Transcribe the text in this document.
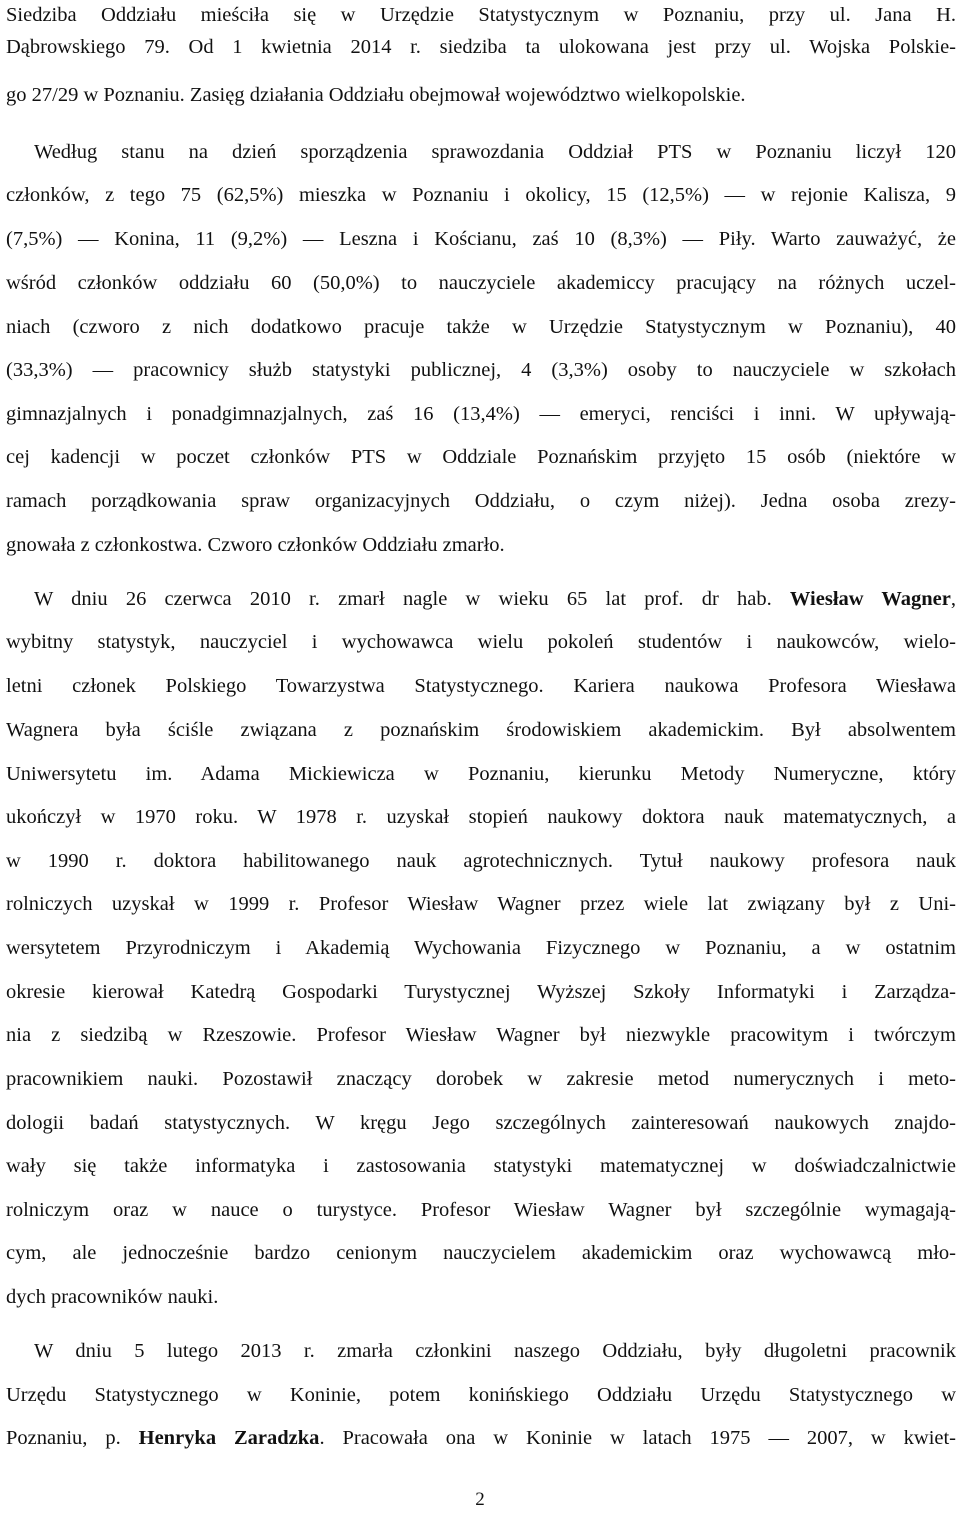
Siedziba Oddziału mieściła się w Urzędzie Statystycznym w Poznaniu, przy ul. Jana H.
Dąbrowskiego 79. Od 1 kwietnia 2014 r. siedziba ta ulokowana jest przy ul. Wojska Polskie-
go 27/29 w Poznaniu. Zasięg działania Oddziału obejmował województwo wielkopolskie.
Według stanu na dzień sporządzenia sprawozdania Oddział PTS w Poznaniu liczył 120
członków, z tego 75 (62,5%) mieszka w Poznaniu i okolicy, 15 (12,5%) — w rejonie Kalisza, 9
(7,5%) — Konina, 11 (9,2%) — Leszna i Kościanu, zaś 10 (8,3%) — Piły. Warto zauważyć, że
wśród członków oddziału 60 (50,0%) to nauczyciele akademiccy pracujący na różnych uczel-
niach (czworo z nich dodatkowo pracuje także w Urzędzie Statystycznym w Poznaniu), 40
(33,3%) — pracownicy służb statystyki publicznej, 4 (3,3%) osoby to nauczyciele w szkołach
gimnazjalnych i ponadgimnazjalnych, zaś 16 (13,4%) — emeryci, renciści i inni. W upływają-
cej kadencji w poczet członków PTS w Oddziale Poznańskim przyjęto 15 osób (niektóre w
ramach porządkowania spraw organizacyjnych Oddziału, o czym niżej). Jedna osoba zrezy-
gnowała z członkostwa. Czworo członków Oddziału zmarło.
W dniu 26 czerwca 2010 r. zmarł nagle w wieku 65 lat prof. dr hab. Wiesław Wagner,
wybitny statystyk, nauczyciel i wychowawca wielu pokoleń studentów i naukowców, wielo-
letni członek Polskiego Towarzystwa Statystycznego. Kariera naukowa Profesora Wiesława
Wagnera była ściśle związana z poznańskim środowiskiem akademickim. Był absolwentem
Uniwersytetu im. Adama Mickiewicza w Poznaniu, kierunku Metody Numeryczne, który
ukończył w 1970 roku. W 1978 r. uzyskał stopień naukowy doktora nauk matematycznych, a
w 1990 r. doktora habilitowanego nauk agrotechnicznych. Tytuł naukowy profesora nauk
rolniczych uzyskał w 1999 r. Profesor Wiesław Wagner przez wiele lat związany był z Uni-
wersytetem Przyrodniczym i Akademią Wychowania Fizycznego w Poznaniu, a w ostatnim
okresie kierował Katedrą Gospodarki Turystycznej Wyższej Szkoły Informatyki i Zarządza-
nia z siedzibą w Rzeszowie. Profesor Wiesław Wagner był niezwykle pracowitym i twórczym
pracownikiem nauki. Pozostawił znaczący dorobek w zakresie metod numerycznych i meto-
dologii badań statystycznych. W kręgu Jego szczególnych zainteresowań naukowych znajdo-
wały się także informatyka i zastosowania statystyki matematycznej w doświadczalnictwie
rolniczym oraz w nauce o turystyce. Profesor Wiesław Wagner był szczególnie wymagają-
cym, ale jednocześnie bardzo cenionym nauczycielem akademickim oraz wychowawcą mło-
dych pracowników nauki.
W dniu 5 lutego 2013 r. zmarła członkini naszego Oddziału, były długoletni pracownik
Urzędu Statystycznego w Koninie, potem konińskiego Oddziału Urzędu Statystycznego w
Poznaniu, p. Henryka Zaradzka. Pracowała ona w Koninie w latach 1975 — 2007, w kwiet-
2
